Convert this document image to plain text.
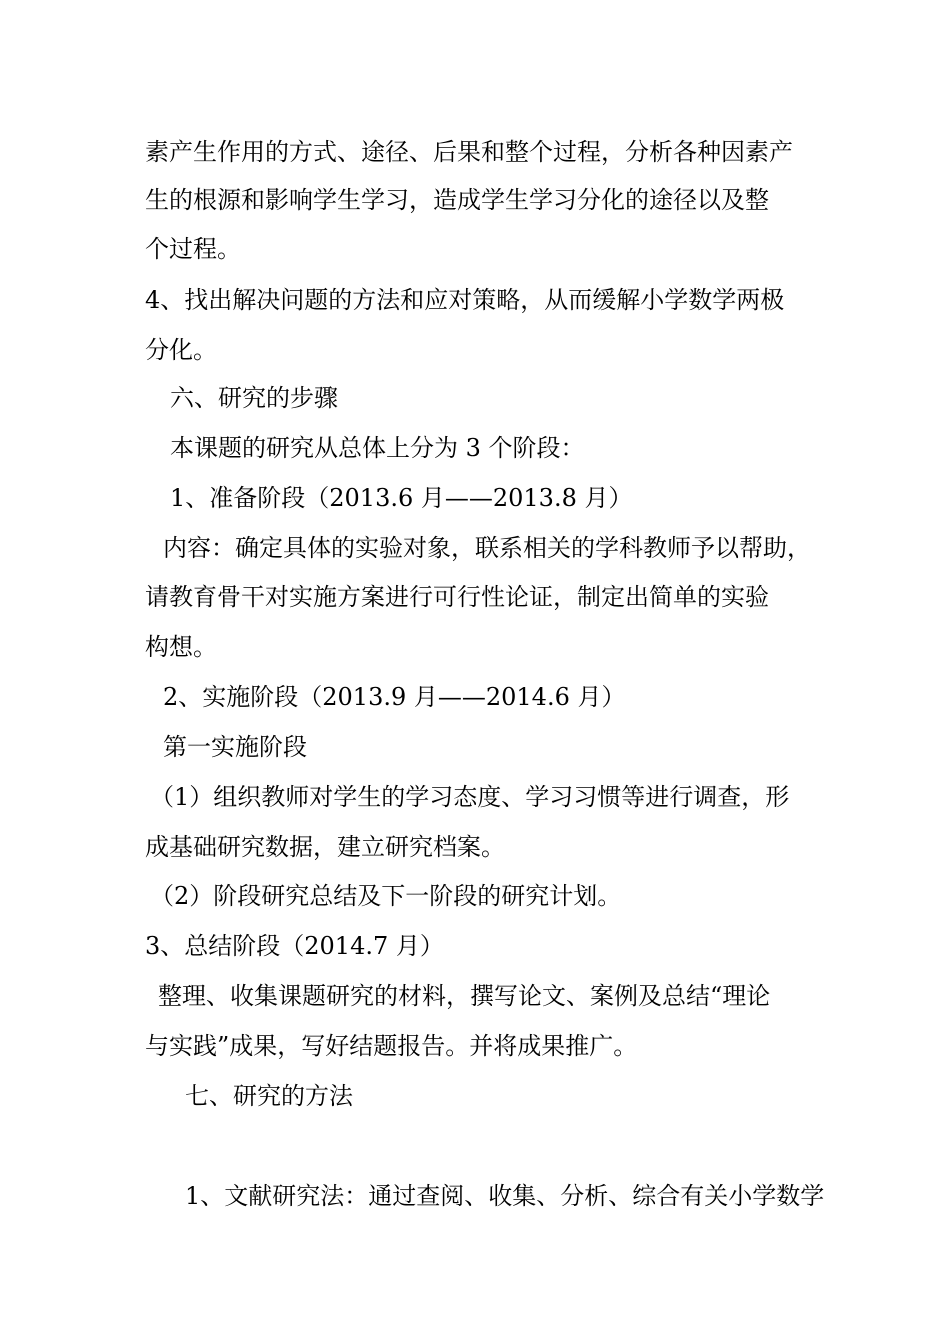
素产生作用的方式、途径、后果和整个过程，分析各种因素产
生的根源和影响学生学习，造成学生学习分化的途径以及整
个过程。
4、找出解决问题的方法和应对策略，从而缓解小学数学两极
分化。
六、研究的步骤
本课题的研究从总体上分为 3 个阶段：
1、准备阶段（2013.6 月——2013.8 月）
内容：确定具体的实验对象，联系相关的学科教师予以帮助，
请教育骨干对实施方案进行可行性论证，制定出简单的实验
构想。
2、实施阶段（2013.9 月——2014.6 月）
第一实施阶段
（1）组织教师对学生的学习态度、学习习惯等进行调查，形
成基础研究数据，建立研究档案。
（2）阶段研究总结及下一阶段的研究计划。
3、总结阶段（2014.7 月）
整理、收集课题研究的材料，撰写论文、案例及总结“理论
与实践”成果，写好结题报告。并将成果推广。
七、研究的方法
1、文献研究法：通过查阅、收集、分析、综合有关小学数学
